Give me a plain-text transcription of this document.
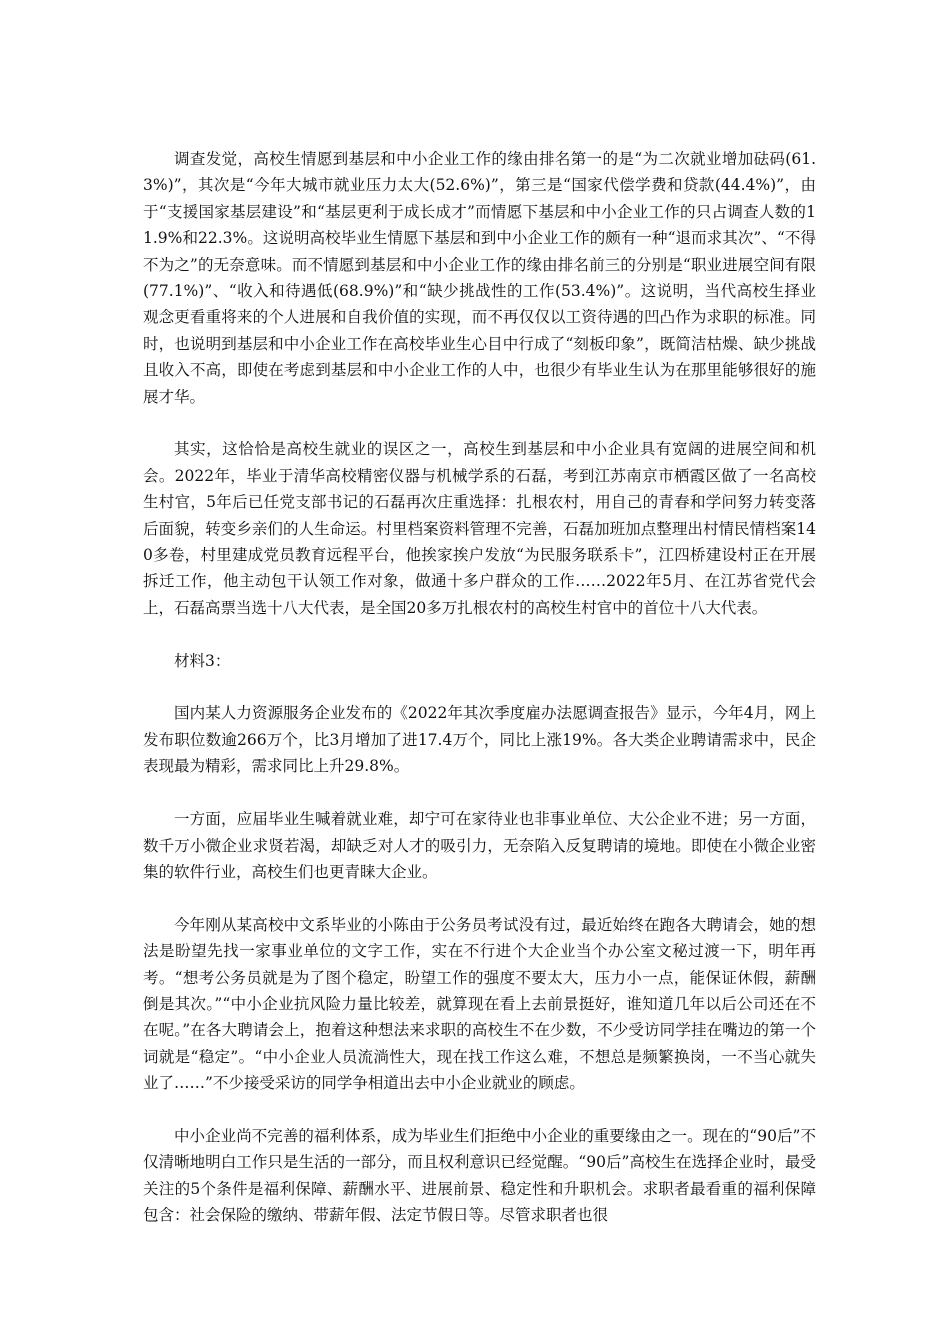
调查发觉，高校生情愿到基层和中小企业工作的缘由排名第一的是“为二次就业增加砝码(61.3%)”，其次是“今年大城市就业压力太大(52.6%)”，第三是“国家代偿学费和贷款(44.4%)”，由于“支援国家基层建设”和“基层更利于成长成才”而情愿下基层和中小企业工作的只占调查人数的11.9%和22.3%。这说明高校毕业生情愿下基层和到中小企业工作的颇有一种“退而求其次”、“不得不为之”的无奈意味。而不情愿到基层和中小企业工作的缘由排名前三的分别是“职业进展空间有限(77.1%)”、“收入和待遇低(68.9%)”和“缺少挑战性的工作(53.4%)”。这说明，当代高校生择业观念更看重将来的个人进展和自我价值的实现，而不再仅仅以工资待遇的凹凸作为求职的标准。同时，也说明到基层和中小企业工作在高校毕业生心目中行成了“刻板印象”，既简洁枯燥、缺少挑战且收入不高，即使在考虑到基层和中小企业工作的人中，也很少有毕业生认为在那里能够很好的施展才华。

其实，这恰恰是高校生就业的误区之一，高校生到基层和中小企业具有宽阔的进展空间和机会。2022年，毕业于清华高校精密仪器与机械学系的石磊，考到江苏南京市栖霞区做了一名高校生村官，5年后已任党支部书记的石磊再次庄重选择：扎根农村，用自己的青春和学问努力转变落后面貌，转变乡亲们的人生命运。村里档案资料管理不完善，石磊加班加点整理出村情民情档案140多卷，村里建成党员教育远程平台，他挨家挨户发放“为民服务联系卡”，江四桥建设村正在开展拆迁工作，他主动包干认领工作对象，做通十多户群众的工作……2022年5月、在江苏省党代会上，石磊高票当选十八大代表，是全国20多万扎根农村的高校生村官中的首位十八大代表。

材料3：

国内某人力资源服务企业发布的《2022年其次季度雇办法愿调查报告》显示，今年4月，网上发布职位数逾266万个，比3月增加了进17.4万个，同比上涨19%。各大类企业聘请需求中，民企表现最为精彩，需求同比上升29.8%。

一方面，应届毕业生喊着就业难，却宁可在家待业也非事业单位、大公企业不进；另一方面，数千万小微企业求贤若渴，却缺乏对人才的吸引力，无奈陷入反复聘请的境地。即使在小微企业密集的软件行业，高校生们也更青睐大企业。

今年刚从某高校中文系毕业的小陈由于公务员考试没有过，最近始终在跑各大聘请会，她的想法是盼望先找一家事业单位的文字工作，实在不行进个大企业当个办公室文秘过渡一下，明年再考。“想考公务员就是为了图个稳定，盼望工作的强度不要太大，压力小一点，能保证休假，薪酬倒是其次。”“中小企业抗风险力量比较差，就算现在看上去前景挺好，谁知道几年以后公司还在不在呢。”在各大聘请会上，抱着这种想法来求职的高校生不在少数，不少受访同学挂在嘴边的第一个词就是“稳定”。“中小企业人员流淌性大，现在找工作这么难，不想总是频繁换岗，一不当心就失业了……”不少接受采访的同学争相道出去中小企业就业的顾虑。

中小企业尚不完善的福利体系，成为毕业生们拒绝中小企业的重要缘由之一。现在的“90后”不仅清晰地明白工作只是生活的一部分，而且权利意识已经觉醒。“90后”高校生在选择企业时，最受关注的5个条件是福利保障、薪酬水平、进展前景、稳定性和升职机会。求职者最看重的福利保障包含：社会保险的缴纳、带薪年假、法定节假日等。尽管求职者也很
